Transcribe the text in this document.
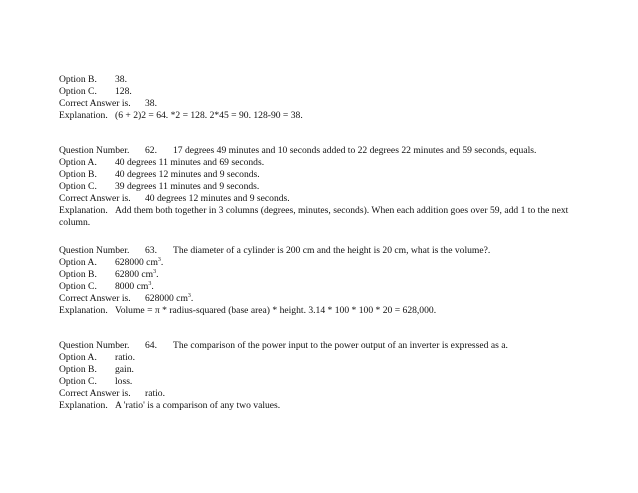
Option B. 38.
Option C. 128.
Correct Answer is. 38.
Explanation. (6 + 2)2 = 64. *2 = 128. 2*45 = 90. 128-90 = 38.
Question Number. 62. 17 degrees 49 minutes and 10 seconds added to 22 degrees 22 minutes and 59 seconds, equals.
Option A. 40 degrees 11 minutes and 69 seconds.
Option B. 40 degrees 12 minutes and 9 seconds.
Option C. 39 degrees 11 minutes and 9 seconds.
Correct Answer is. 40 degrees 12 minutes and 9 seconds.
Explanation. Add them both together in 3 columns (degrees, minutes, seconds). When each addition goes over 59, add 1 to the next column.
Question Number. 63. The diameter of a cylinder is 200 cm and the height is 20 cm, what is the volume?.
Option A. 628000 $cm^3$.
Option B. 62800 $cm^3$.
Option C. 8000 $cm^3$.
Correct Answer is. 628000 $cm^3$.
Explanation. Volume = π * radius-squared (base area) * height. 3.14 * 100 * 100 * 20 = 628,000.
Question Number. 64. The comparison of the power input to the power output of an inverter is expressed as a.
Option A. ratio.
Option B. gain.
Option C. loss.
Correct Answer is. ratio.
Explanation. A 'ratio' is a comparison of any two values.
